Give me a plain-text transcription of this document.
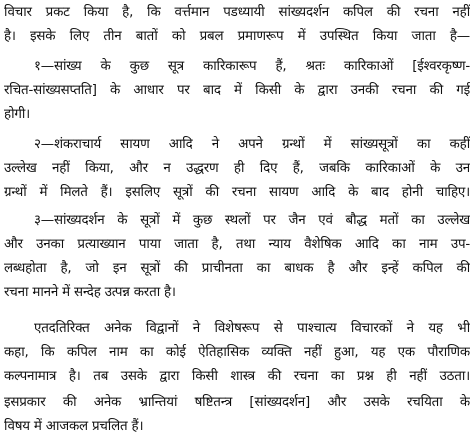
विचार प्रकट किया है, कि वर्त्तमान पडध्यायी सांख्यदर्शन कपिल की रचना नहीं
है। इसके लिए तीन बातों को प्रबल प्रमाणरूप में उपस्थित किया जाता है—
१—सांख्य के कुछ सूत्र कारिकारूप हैं, श्रतः कारिकाओं [ईश्वरकृष्ण-
रचित-सांख्यसप्तति] के आधार पर बाद में किसी के द्वारा उनकी रचना की गई
होगी।
२—शंकराचार्य सायण आदि ने अपने ग्रन्थों में सांख्यसूत्रों का कहीं
उल्लेख नहीं किया, और न उद्धरण ही दिए हैं, जबकि कारिकाओं के उन
ग्रन्थों में मिलते हैं। इसलिए सूत्रों की रचना सायण आदि के बाद होनी चाहिए।
३—सांख्यदर्शन के सूत्रों में कुछ स्थलों पर जैन एवं बौद्ध मतों का उल्लेख
और उनका प्रत्याख्यान पाया जाता है, तथा न्याय वैशेषिक आदि का नाम उप-
लब्धहोता है, जो इन सूत्रों की प्राचीनता का बाधक है और इन्हें कपिल की
रचना मानने में सन्देह उत्पन्न करता है।
एतदतिरिक्त अनेक विद्वानों ने विशेषरूप से पाश्चात्य विचारकों ने यह भी
कहा, कि कपिल नाम का कोई ऐतिहासिक व्यक्ति नहीं हुआ, यह एक पौराणिक
कल्पनामात्र है। तब उसके द्वारा किसी शास्त्र की रचना का प्रश्न ही नहीं उठता।
इसप्रकार की अनेक भ्रान्तियां षष्टितन्त्र [सांख्यदर्शन] और उसके रचयिता के
विषय में आजकल प्रचलित हैं।
